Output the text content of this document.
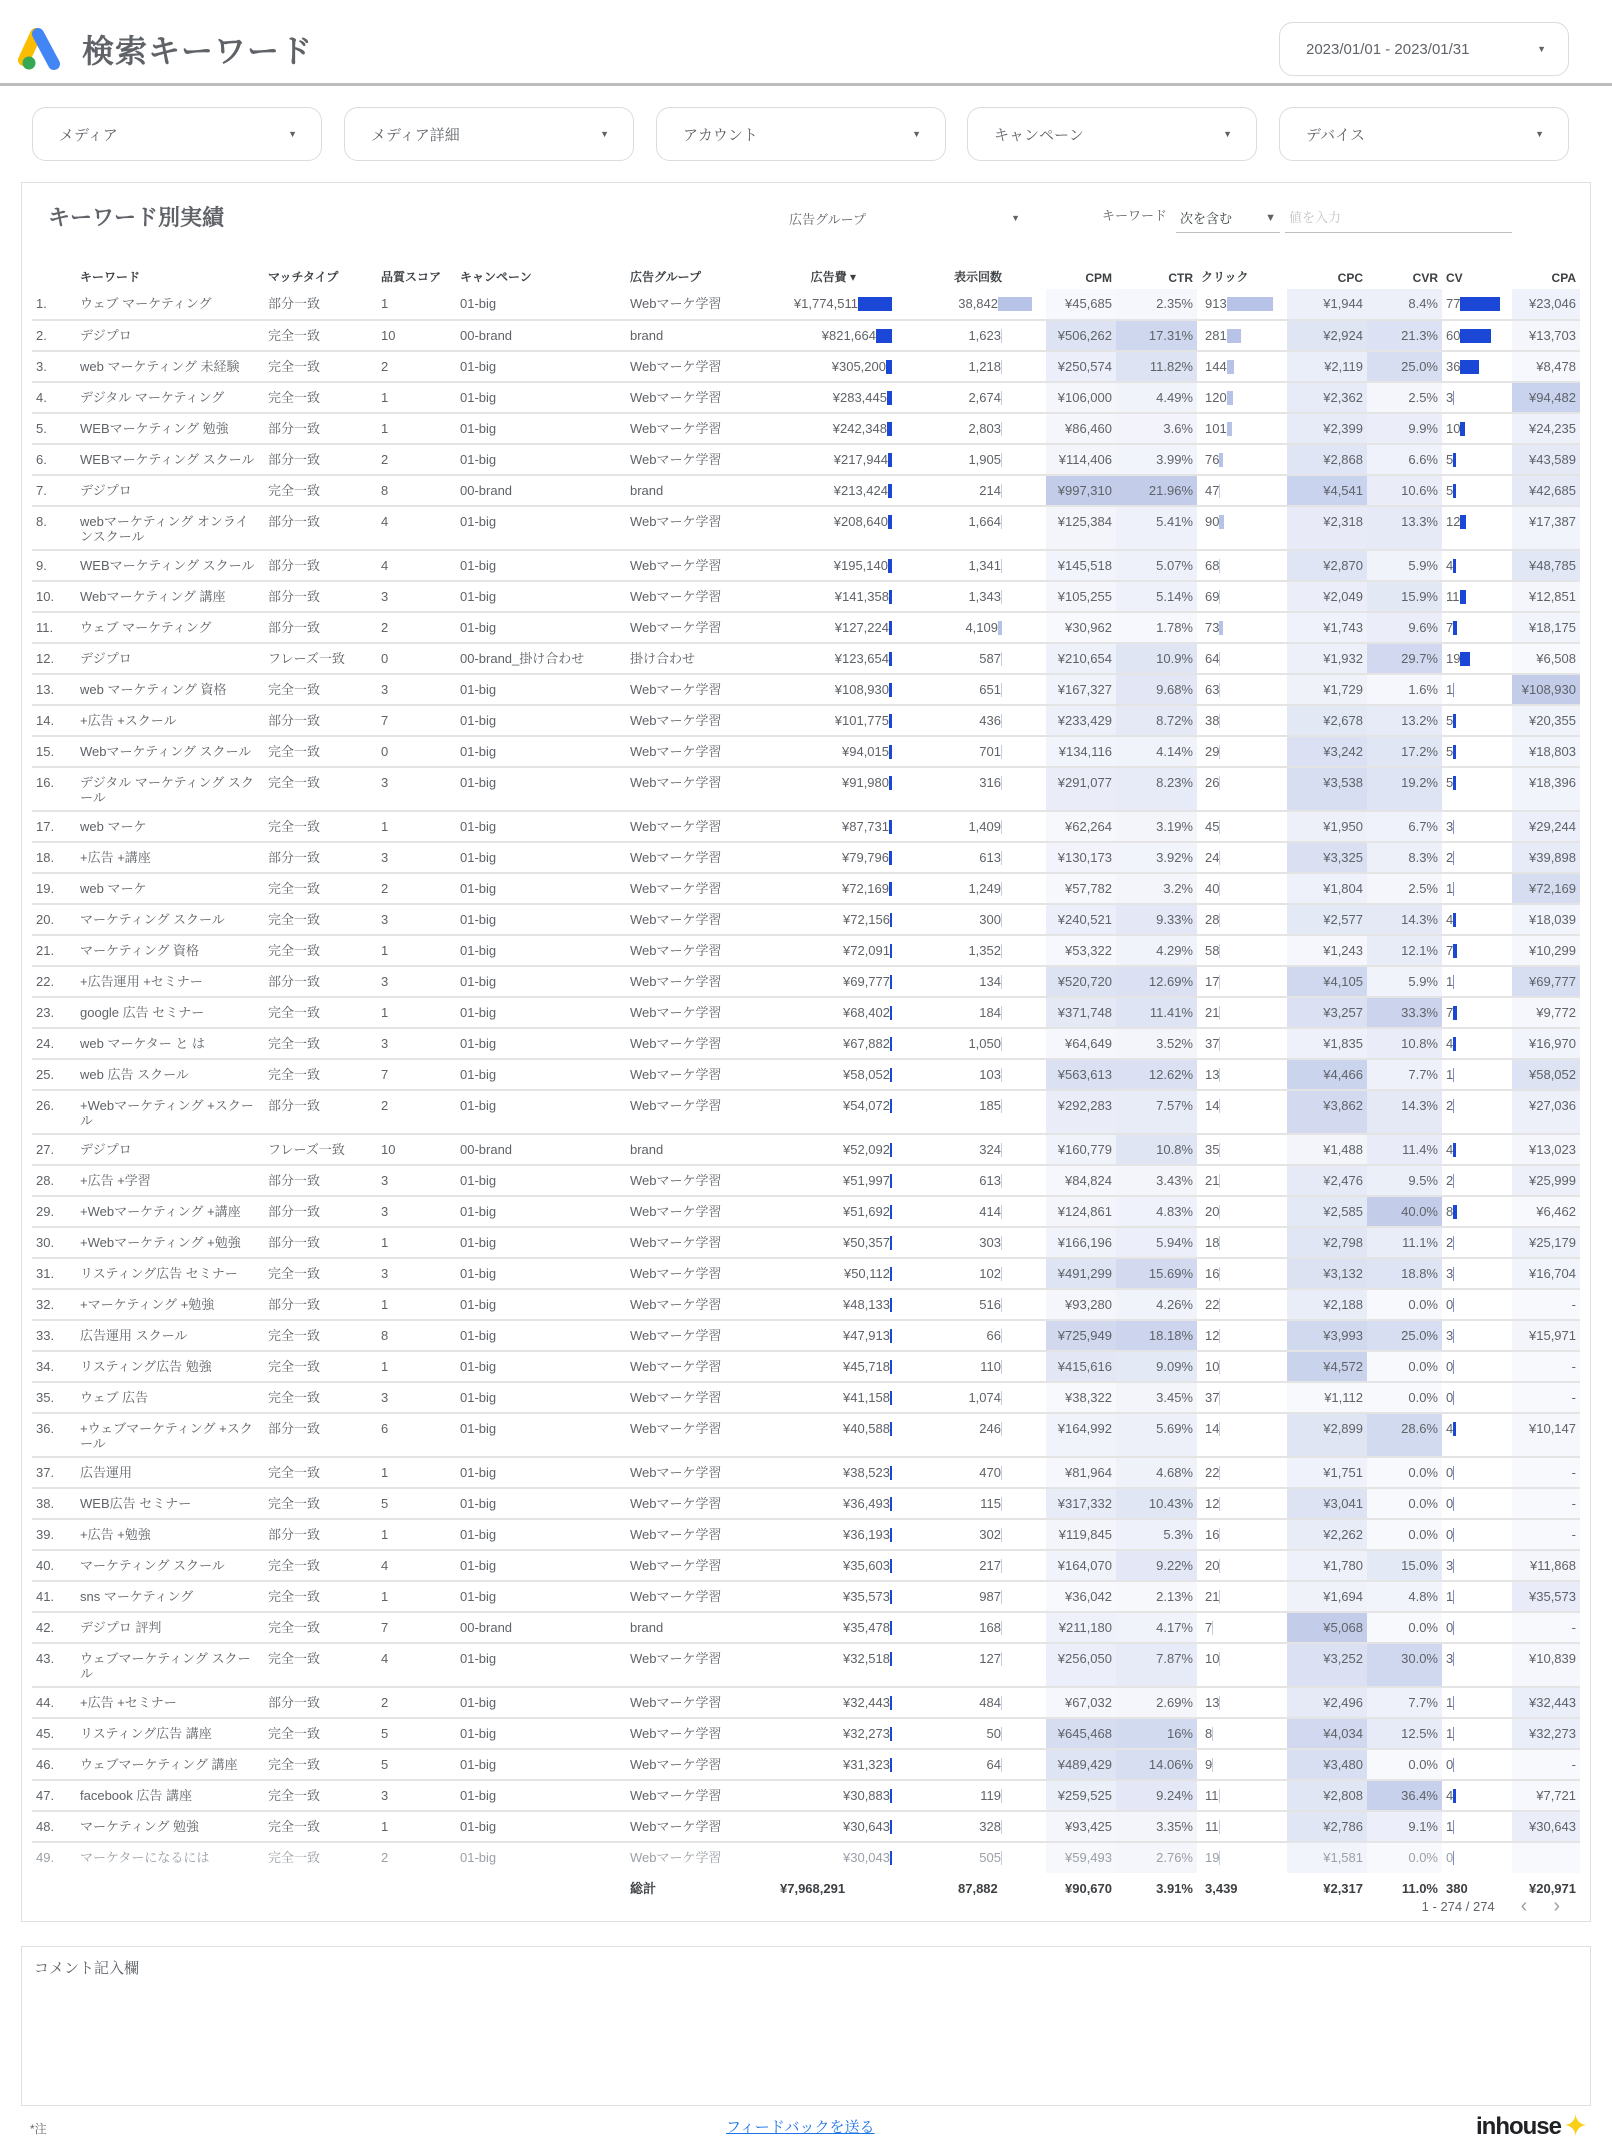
検索キーワード	2023/01/01 - 2023/01/31	▼
メディア	▼	メディア詳細	▼	アカウント	▼	キャンペーン	▼	デバイス	▼
キーワード別実績	広告グループ	▼	キーワード 次を含む	▼
値を入力
	キーワード	マッチタイプ	品質スコア	キャンペーン	広告グループ	広告費 ▾	表示回数	CPM	CTR	クリック	CPC	CVR	CV	CPA
1.	ウェブ マーケティング	部分一致	1	01-big	Webマーケ学習	¥1,774,511	38,842	¥45,685	2.35%	913	¥1,944	8.4%	77	¥23,046
2.	デジプロ	完全一致	10	00-brand	brand	¥821,664	1,623	¥506,262	17.31%	281	¥2,924	21.3%	60	¥13,703
3.	web マーケティング 未経験	完全一致	2	01-big	Webマーケ学習	¥305,200	1,218	¥250,574	11.82%	144	¥2,119	25.0%	36	¥8,478
4.	デジタル マーケティング	完全一致	1	01-big	Webマーケ学習	¥283,445	2,674	¥106,000	4.49%	120	¥2,362	2.5%	3	¥94,482
5.	WEBマーケティング 勉強	部分一致	1	01-big	Webマーケ学習	¥242,348	2,803	¥86,460	3.6%	101	¥2,399	9.9%	10	¥24,235
6.	WEBマーケティング スクール	部分一致	2	01-big	Webマーケ学習	¥217,944	1,905	¥114,406	3.99%	76	¥2,868	6.6%	5	¥43,589
7.	デジプロ	完全一致	8	00-brand	brand	¥213,424	214	¥997,310	21.96%	47	¥4,541	10.6%	5	¥42,685
8.	webマーケティング オンラインスクール	部分一致	4	01-big	Webマーケ学習	¥208,640	1,664	¥125,384	5.41%	90	¥2,318	13.3%	12	¥17,387
9.	WEBマーケティング スクール	部分一致	4	01-big	Webマーケ学習	¥195,140	1,341	¥145,518	5.07%	68	¥2,870	5.9%	4	¥48,785
10.	Webマーケティング 講座	部分一致	3	01-big	Webマーケ学習	¥141,358	1,343	¥105,255	5.14%	69	¥2,049	15.9%	11	¥12,851
11.	ウェブ マーケティング	部分一致	2	01-big	Webマーケ学習	¥127,224	4,109	¥30,962	1.78%	73	¥1,743	9.6%	7	¥18,175
12.	デジプロ	フレーズ一致	0	00-brand_掛け合わせ	掛け合わせ	¥123,654	587	¥210,654	10.9%	64	¥1,932	29.7%	19	¥6,508
13.	web マーケティング 資格	完全一致	3	01-big	Webマーケ学習	¥108,930	651	¥167,327	9.68%	63	¥1,729	1.6%	1	¥108,930
14.	+広告 +スクール	部分一致	7	01-big	Webマーケ学習	¥101,775	436	¥233,429	8.72%	38	¥2,678	13.2%	5	¥20,355
15.	Webマーケティング スクール	完全一致	0	01-big	Webマーケ学習	¥94,015	701	¥134,116	4.14%	29	¥3,242	17.2%	5	¥18,803
16.	デジタル マーケティング スクール	完全一致	3	01-big	Webマーケ学習	¥91,980	316	¥291,077	8.23%	26	¥3,538	19.2%	5	¥18,396
17.	web マーケ	完全一致	1	01-big	Webマーケ学習	¥87,731	1,409	¥62,264	3.19%	45	¥1,950	6.7%	3	¥29,244
18.	+広告 +講座	部分一致	3	01-big	Webマーケ学習	¥79,796	613	¥130,173	3.92%	24	¥3,325	8.3%	2	¥39,898
19.	web マーケ	完全一致	2	01-big	Webマーケ学習	¥72,169	1,249	¥57,782	3.2%	40	¥1,804	2.5%	1	¥72,169
20.	マーケティング スクール	完全一致	3	01-big	Webマーケ学習	¥72,156	300	¥240,521	9.33%	28	¥2,577	14.3%	4	¥18,039
21.	マーケティング 資格	完全一致	1	01-big	Webマーケ学習	¥72,091	1,352	¥53,322	4.29%	58	¥1,243	12.1%	7	¥10,299
22.	+広告運用 +セミナー	部分一致	3	01-big	Webマーケ学習	¥69,777	134	¥520,720	12.69%	17	¥4,105	5.9%	1	¥69,777
23.	google 広告 セミナー	完全一致	1	01-big	Webマーケ学習	¥68,402	184	¥371,748	11.41%	21	¥3,257	33.3%	7	¥9,772
24.	web マーケター と は	完全一致	3	01-big	Webマーケ学習	¥67,882	1,050	¥64,649	3.52%	37	¥1,835	10.8%	4	¥16,970
25.	web 広告 スクール	完全一致	7	01-big	Webマーケ学習	¥58,052	103	¥563,613	12.62%	13	¥4,466	7.7%	1	¥58,052
26.	+Webマーケティング +スクール	部分一致	2	01-big	Webマーケ学習	¥54,072	185	¥292,283	7.57%	14	¥3,862	14.3%	2	¥27,036
27.	デジプロ	フレーズ一致	10	00-brand	brand	¥52,092	324	¥160,779	10.8%	35	¥1,488	11.4%	4	¥13,023
28.	+広告 +学習	部分一致	3	01-big	Webマーケ学習	¥51,997	613	¥84,824	3.43%	21	¥2,476	9.5%	2	¥25,999
29.	+Webマーケティング +講座	部分一致	3	01-big	Webマーケ学習	¥51,692	414	¥124,861	4.83%	20	¥2,585	40.0%	8	¥6,462
30.	+Webマーケティング +勉強	部分一致	1	01-big	Webマーケ学習	¥50,357	303	¥166,196	5.94%	18	¥2,798	11.1%	2	¥25,179
31.	リスティング広告 セミナー	完全一致	3	01-big	Webマーケ学習	¥50,112	102	¥491,299	15.69%	16	¥3,132	18.8%	3	¥16,704
32.	+マーケティング +勉強	部分一致	1	01-big	Webマーケ学習	¥48,133	516	¥93,280	4.26%	22	¥2,188	0.0%	0	-
33.	広告運用 スクール	完全一致	8	01-big	Webマーケ学習	¥47,913	66	¥725,949	18.18%	12	¥3,993	25.0%	3	¥15,971
34.	リスティング広告 勉強	完全一致	1	01-big	Webマーケ学習	¥45,718	110	¥415,616	9.09%	10	¥4,572	0.0%	0	-
35.	ウェブ 広告	完全一致	3	01-big	Webマーケ学習	¥41,158	1,074	¥38,322	3.45%	37	¥1,112	0.0%	0	-
36.	+ウェブマーケティング +スクール	部分一致	6	01-big	Webマーケ学習	¥40,588	246	¥164,992	5.69%	14	¥2,899	28.6%	4	¥10,147
37.	広告運用	完全一致	1	01-big	Webマーケ学習	¥38,523	470	¥81,964	4.68%	22	¥1,751	0.0%	0	-
38.	WEB広告 セミナー	完全一致	5	01-big	Webマーケ学習	¥36,493	115	¥317,332	10.43%	12	¥3,041	0.0%	0	-
39.	+広告 +勉強	部分一致	1	01-big	Webマーケ学習	¥36,193	302	¥119,845	5.3%	16	¥2,262	0.0%	0	-
40.	マーケティング スクール	完全一致	4	01-big	Webマーケ学習	¥35,603	217	¥164,070	9.22%	20	¥1,780	15.0%	3	¥11,868
41.	sns マーケティング	完全一致	1	01-big	Webマーケ学習	¥35,573	987	¥36,042	2.13%	21	¥1,694	4.8%	1	¥35,573
42.	デジプロ 評判	完全一致	7	00-brand	brand	¥35,478	168	¥211,180	4.17%	7	¥5,068	0.0%	0	-
43.	ウェブマーケティング スクール	完全一致	4	01-big	Webマーケ学習	¥32,518	127	¥256,050	7.87%	10	¥3,252	30.0%	3	¥10,839
44.	+広告 +セミナー	部分一致	2	01-big	Webマーケ学習	¥32,443	484	¥67,032	2.69%	13	¥2,496	7.7%	1	¥32,443
45.	リスティング広告 講座	完全一致	5	01-big	Webマーケ学習	¥32,273	50	¥645,468	16%	8	¥4,034	12.5%	1	¥32,273
46.	ウェブマーケティング 講座	完全一致	5	01-big	Webマーケ学習	¥31,323	64	¥489,429	14.06%	9	¥3,480	0.0%	0	-
47.	facebook 広告 講座	完全一致	3	01-big	Webマーケ学習	¥30,883	119	¥259,525	9.24%	11	¥2,808	36.4%	4	¥7,721
48.	マーケティング 勉強	完全一致	1	01-big	Webマーケ学習	¥30,643	328	¥93,425	3.35%	11	¥2,786	9.1%	1	¥30,643
49.	マーケターになるには	完全一致	2	01-big	Webマーケ学習	¥30,043	505	¥59,493	2.76%	19	¥1,581	0.0%	0	
					総計	¥7,968,291	87,882	¥90,670	3.91%	3,439	¥2,317	11.0%	380	¥20,971
1 - 274 / 274 ‹ ›
コメント記入欄
*注	フィードバックを送る	inhouse ✦
